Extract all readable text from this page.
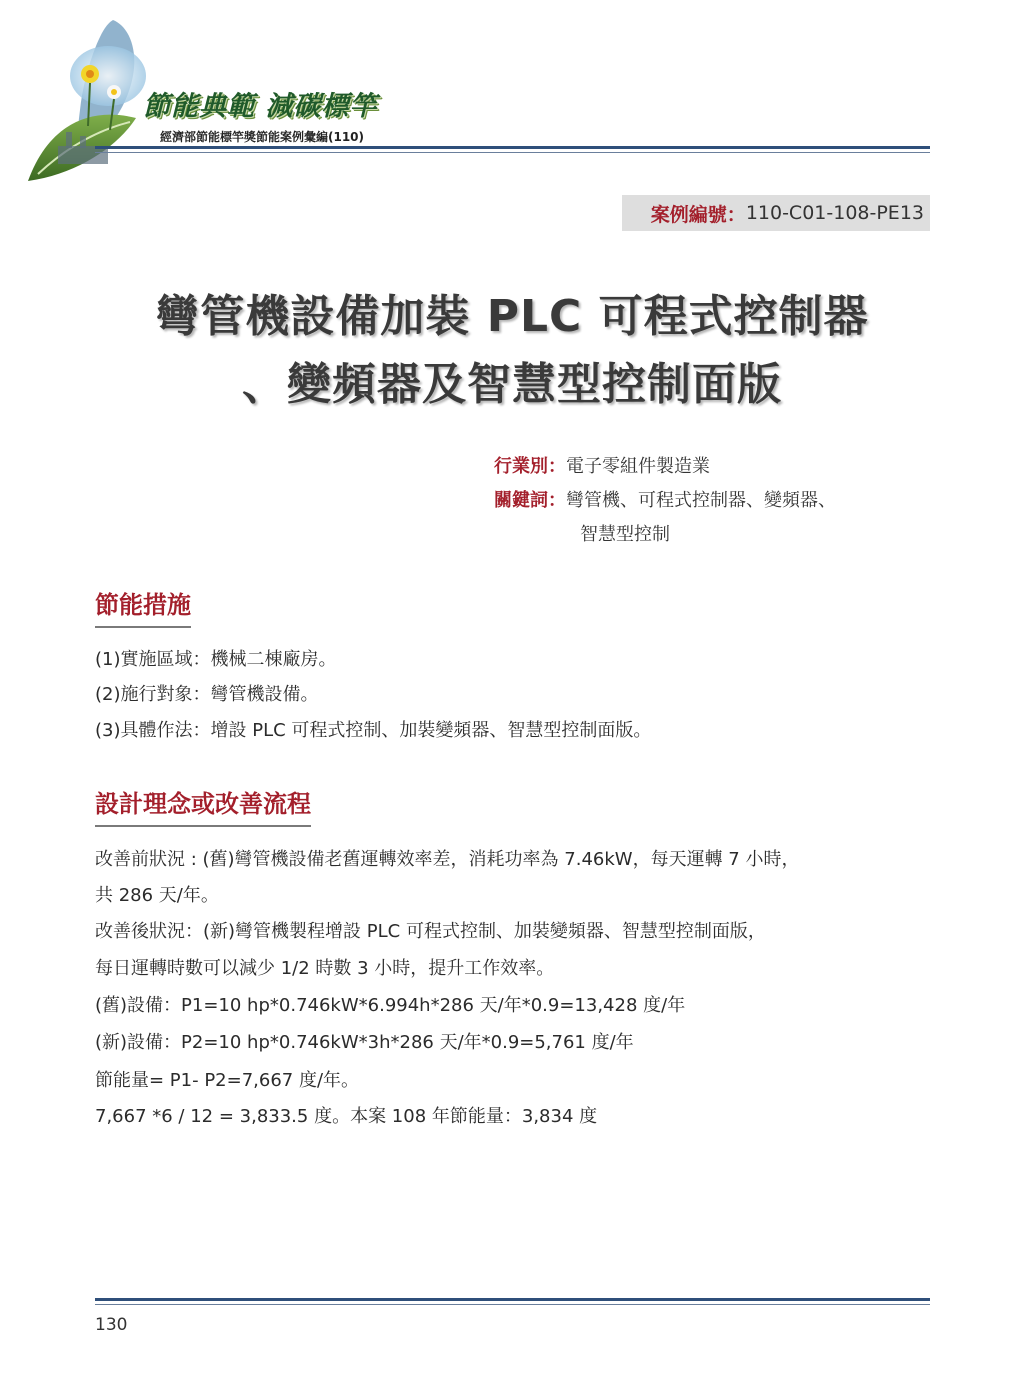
節能典範 減碳標竿
經濟部節能標竿獎節能案例彙編(110)
案例編號： 110-C01-108-PE13
彎管機設備加裝 PLC 可程式控制器
、變頻器及智慧型控制面版
行業別：電子零組件製造業
關鍵詞：彎管機、可程式控制器、變頻器、
智慧型控制
節能措施
(1)實施區域：機械二棟廠房。
(2)施行對象：彎管機設備。
(3)具體作法：增設 PLC 可程式控制、加裝變頻器、智慧型控制面版。
設計理念或改善流程
改善前狀況 : (舊)彎管機設備老舊運轉效率差，消耗功率為 7.46kW，每天運轉 7 小時，
共 286 天/年。
改善後狀況：(新)彎管機製程增設 PLC 可程式控制、加裝變頻器、智慧型控制面版，
每日運轉時數可以減少 1/2 時數 3 小時，提升工作效率。
(舊)設備：P1=10 hp*0.746kW*6.994h*286 天/年*0.9=13,428 度/年
(新)設備：P2=10 hp*0.746kW*3h*286 天/年*0.9=5,761 度/年
節能量= P1- P2=7,667 度/年。
7,667 *6 / 12 = 3,833.5 度。本案 108 年節能量：3,834 度
130
